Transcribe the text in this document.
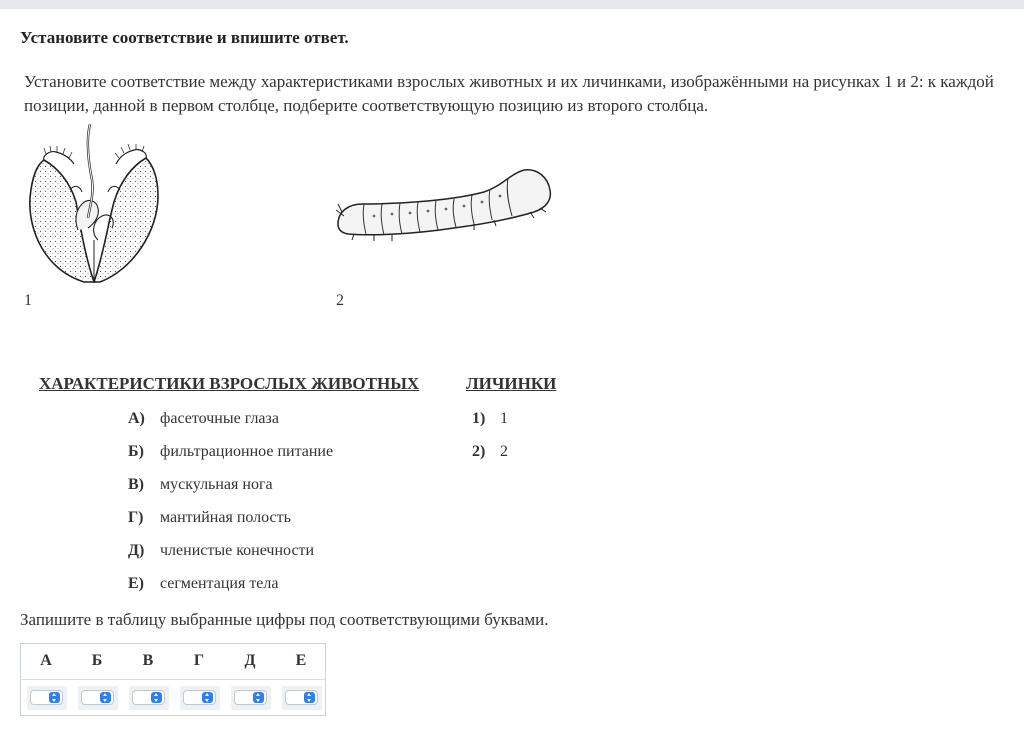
Установите соответствие и впишите ответ.
Установите соответствие между характеристиками взрослых животных и их личинками, изображёнными на рисунках 1 и 2: к каждой позиции, данной в первом столбце, подберите соответствующую позицию из второго столбца.
1	2
ХАРАКТЕРИСТИКИ ВЗРОСЛЫХ ЖИВОТНЫХ	ЛИЧИНКИ
А) фасеточные глаза
Б) фильтрационное питание
В) мускульная нога
Г) мантийная полость
Д) членистые конечности
Е) сегментация тела
1) 1
2) 2
Запишите в таблицу выбранные цифры под соответствующими буквами.
А	Б	В	Г	Д	Е
